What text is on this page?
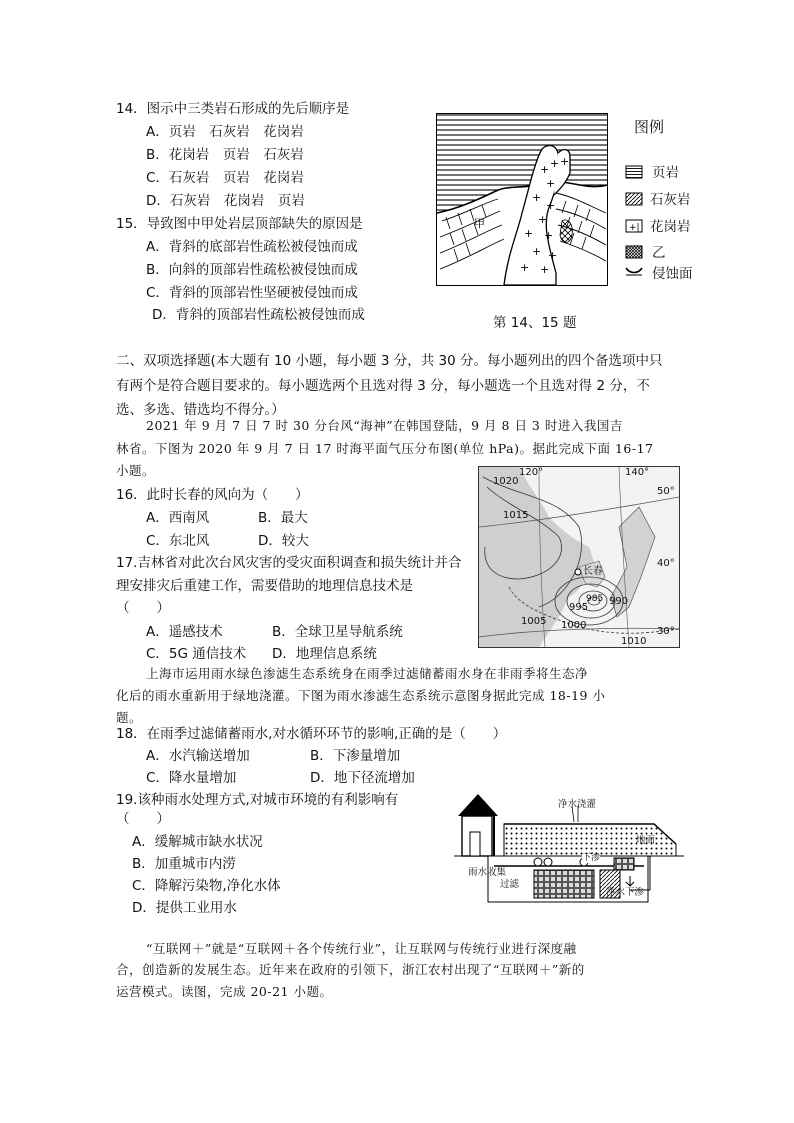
14．图示中三类岩石形成的先后顺序是
A．页岩　石灰岩　花岗岩
B．花岗岩　页岩　石灰岩
C．石灰岩　页岩　花岗岩
D．石灰岩　花岗岩　页岩
15．导致图中甲处岩层顶部缺失的原因是
A．背斜的底部岩性疏松被侵蚀而成
B．向斜的顶部岩性疏松被侵蚀而成
C．背斜的顶部岩性坚硬被侵蚀而成
D．背斜的顶部岩性疏松被侵蚀而成
+ +
+
+
+
+
+ +
+ +
+ +
+
甲
图例
+|
页岩
石灰岩
花岗岩
乙
侵蚀面
第 14、15 题
二、双项选择题(本大题有 10 小题，每小题 3 分，共 30 分。每小题列出的四个备选项中只
有两个是符合题目要求的。每小题选两个且选对得 3 分，每小题选一个且选对得 2 分，不
选、多选、错选均不得分。）
2021 年 9 月 7 日 7 时 30 分台风“海神”在韩国登陆，9 月 8 日 3 时进入我国吉
林省。下图为 2020 年 9 月 7 日 17 时海平面气压分布图(单位 hPa)。据此完成下面 16-17
小题。
16．此时长春的风向为（　　）
A．西南风	B．最大
C．东北风	D．较大
17.吉林省对此次台风灾害的受灾面积调查和损失统计并合
理安排灾后重建工作，需要借助的地理信息技术是
（　　）
A．遥感技术	B．全球卫星导航系统
C．5G 通信技术 D．地理信息系统
120°	140°
50°
40°
30°
1020
1015
1005 1000
995
985 990
1010
长春
上海市运用雨水绿色渗滤生态系统身在雨季过滤储蓄雨水身在非雨季将生态净
化后的雨水重新用于绿地浇灌。下图为雨水渗滤生态系统示意图身据此完成 18-19 小
题。
18．在雨季过滤储蓄雨水,对水循环环节的影响,正确的是（　　）
A．水汽输送增加	B．下渗量增加
C．降水量增加	D．地下径流增加
19.该种雨水处理方式,对城市环境的有利影响有
（　　）
A．缓解城市缺水状况
B．加重城市内涝
C．降解污染物,净化水体
D．提供工业用水
净水浇灌
地面
下渗
雨水收集
过滤
净水下渗
“互联网＋”就是“互联网＋各个传统行业”，让互联网与传统行业进行深度融
合，创造新的发展生态。近年来在政府的引领下，浙江农村出现了“互联网＋”新的
运营模式。读图，完成 20-21 小题。
